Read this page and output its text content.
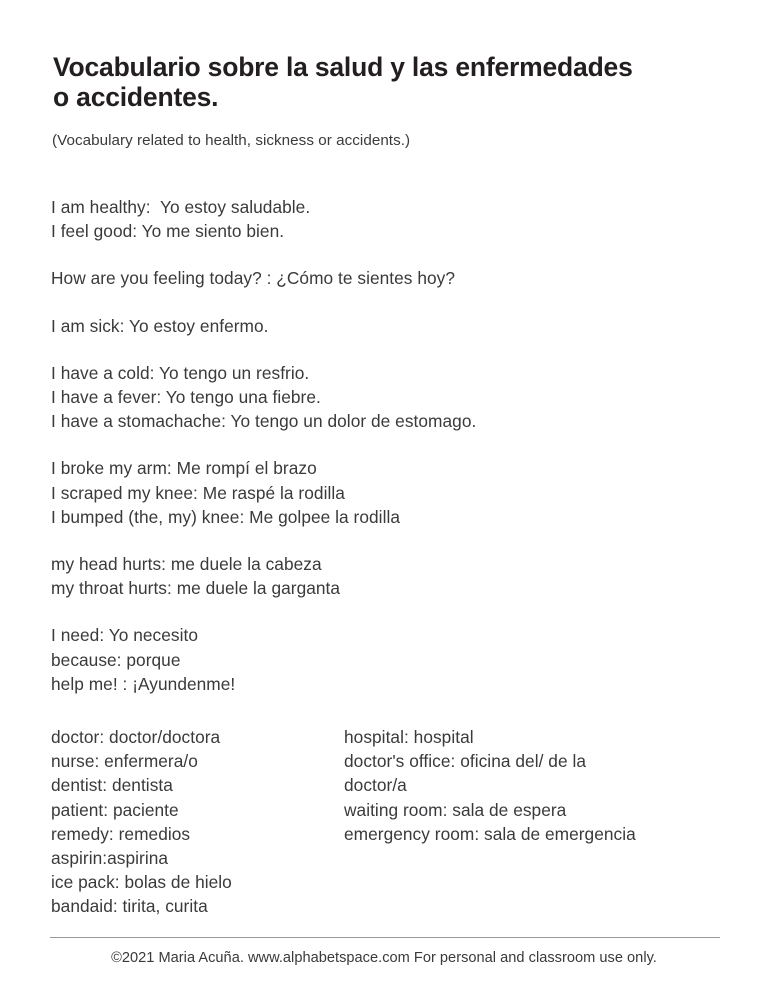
Vocabulario sobre la salud y las enfermedades
o accidentes.
(Vocabulary related to health, sickness or accidents.)
I am healthy:  Yo estoy saludable.
I feel good: Yo me siento bien.
How are you feeling today? : ¿Cómo te sientes hoy?
I am sick: Yo estoy enfermo.
I have a cold: Yo tengo un resfrio.
I have a fever: Yo tengo una fiebre.
I have a stomachache: Yo tengo un dolor de estomago.
I broke my arm: Me rompí el brazo
I scraped my knee: Me raspé la rodilla
I bumped (the, my) knee: Me golpee la rodilla
my head hurts: me duele la cabeza
my throat hurts: me duele la garganta
I need: Yo necesito
because: porque
help me! : ¡Ayundenme!
doctor: doctor/doctora
nurse: enfermera/o
dentist: dentista
patient: paciente
remedy: remedios
aspirin:aspirina
ice pack: bolas de hielo
bandaid: tirita, curita
hospital: hospital
doctor's office: oficina del/ de la
doctor/a
waiting room: sala de espera
emergency room: sala de emergencia
©2021 Maria Acuña. www.alphabetspace.com For personal and classroom use only.
